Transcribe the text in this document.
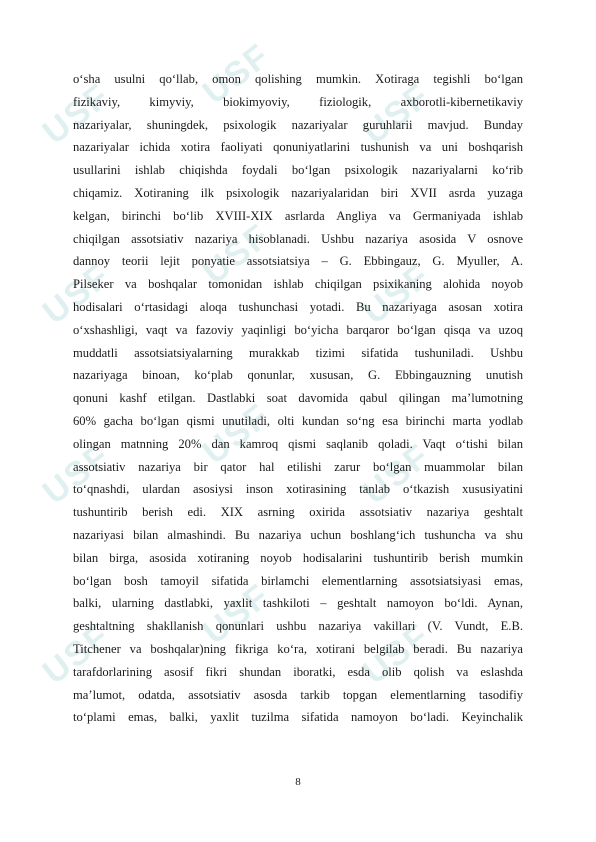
USF
USF
USF
USF
USF
USF
USF
USF
USF
USF
USF
USF
o‘sha usulni qo‘llab, omon qolishing mumkin. Xotiraga tegishli bo‘lgan
fizikaviy, kimyviy, biokimyoviy, fiziologik, axborotli-kibernetikaviy
nazariyalar, shuningdek, psixologik nazariyalar guruhlarii mavjud. Bunday
nazariyalar ichida xotira faoliyati qonuniyatlarini tushunish va uni boshqarish
usullarini ishlab chiqishda foydali bo‘lgan psixologik nazariyalarni ko‘rib
chiqamiz. Xotiraning ilk psixologik nazariyalaridan biri XVII asrda yuzaga
kelgan, birinchi bo‘lib XVIII-XIX asrlarda Angliya va Germaniyada ishlab
chiqilgan assotsiativ nazariya hisoblanadi. Ushbu nazariya asosida V osnove
dannoy teorii lejit ponyatie assotsiatsiya – G. Ebbingauz, G. Myuller, A.
Pilseker va boshqalar tomonidan ishlab chiqilgan psixikaning alohida noyob
hodisalari o‘rtasidagi aloqa tushunchasi yotadi. Bu nazariyaga asosan xotira
o‘xshashligi, vaqt va fazoviy yaqinligi bo‘yicha barqaror bo‘lgan qisqa va uzoq
muddatli assotsiatsiyalarning murakkab tizimi sifatida tushuniladi. Ushbu
nazariyaga binoan, ko‘plab qonunlar, xususan, G. Ebbingauzning unutish
qonuni kashf etilgan. Dastlabki soat davomida qabul qilingan ma’lumotning
60% gacha bo‘lgan qismi unutiladi, olti kundan so‘ng esa birinchi marta yodlab
olingan matnning 20% dan kamroq qismi saqlanib qoladi. Vaqt o‘tishi bilan
assotsiativ nazariya bir qator hal etilishi zarur bo‘lgan muammolar bilan
to‘qnashdi, ulardan asosiysi inson xotirasining tanlab o‘tkazish xususiyatini
tushuntirib berish edi. XIX asrning oxirida assotsiativ nazariya geshtalt
nazariyasi bilan almashindi. Bu nazariya uchun boshlang‘ich tushuncha va shu
bilan birga, asosida xotiraning noyob hodisalarini tushuntirib berish mumkin
bo‘lgan bosh tamoyil sifatida birlamchi elementlarning assotsiatsiyasi emas,
balki, ularning dastlabki, yaxlit tashkiloti – geshtalt namoyon bo‘ldi. Aynan,
geshtaltning shakllanish qonunlari ushbu nazariya vakillari (V. Vundt, E.B.
Titchener va boshqalar)ning fikriga ko‘ra, xotirani belgilab beradi. Bu nazariya
tarafdorlarining asosif fikri shundan iboratki, esda olib qolish va eslashda
ma’lumot, odatda, assotsiativ asosda tarkib topgan elementlarning tasodifiy
to‘plami emas, balki, yaxlit tuzilma sifatida namoyon bo‘ladi. Keyinchalik
8
